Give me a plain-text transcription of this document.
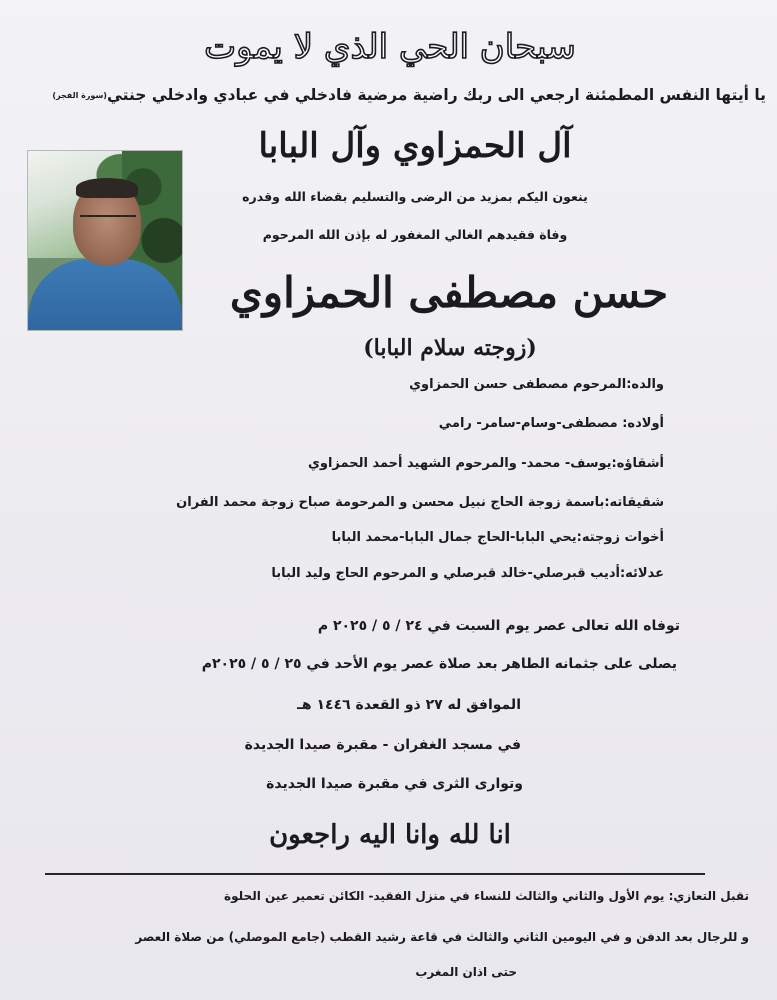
سبحان الحي الذي لا يموت
يا أيتها النفس المطمئنة ارجعي الى ربك راضية مرضية فادخلي في عبادي وادخلي جنتي(سورة الفجر)
آل الحمزاوي وآل البابا
ينعون اليكم بمزيد من الرضى والتسليم بقضاء الله وقدره
وفاة فقيدهم الغالي المغفور له بإذن الله المرحوم
حسن مصطفى الحمزاوي
(زوجته سلام البابا)
والده:المرحوم مصطفى حسن الحمزاوي
أولاده: مصطفى-وسام-سامر- رامي
أشقاؤه:يوسف- محمد- والمرحوم الشهيد أحمد الحمزاوي
شقيقاته:باسمة زوجة الحاج نبيل محسن و المرحومة صباح زوجة محمد الفران
أخوات زوجته:يحي البابا-الحاج جمال البابا-محمد البابا
عدلائه:أديب قبرصلي-خالد قبرصلي و المرحوم الحاج وليد البابا
توفاه الله تعالى عصر يوم السبت في ٢٤ / ٥ / ٢٠٢٥ م
يصلى على جثمانه الطاهر بعد صلاة عصر يوم الأحد في ٢٥ / ٥ / ٢٠٢٥م
الموافق له ٢٧ ذو القعدة ١٤٤٦ هـ
في مسجد الغفران - مقبرة صيدا الجديدة
وتوارى الثرى في مقبرة صيدا الجديدة
انا لله وانا اليه راجعون
تقبل التعازي: يوم الأول والثاني والثالث للنساء في منزل الفقيد- الكائن تعمير عين الحلوة
و للرجال بعد الدفن و في اليومين الثاني والثالث في قاعة رشيد القطب (جامع الموصلي) من صلاة العصر
حتى اذان المغرب
